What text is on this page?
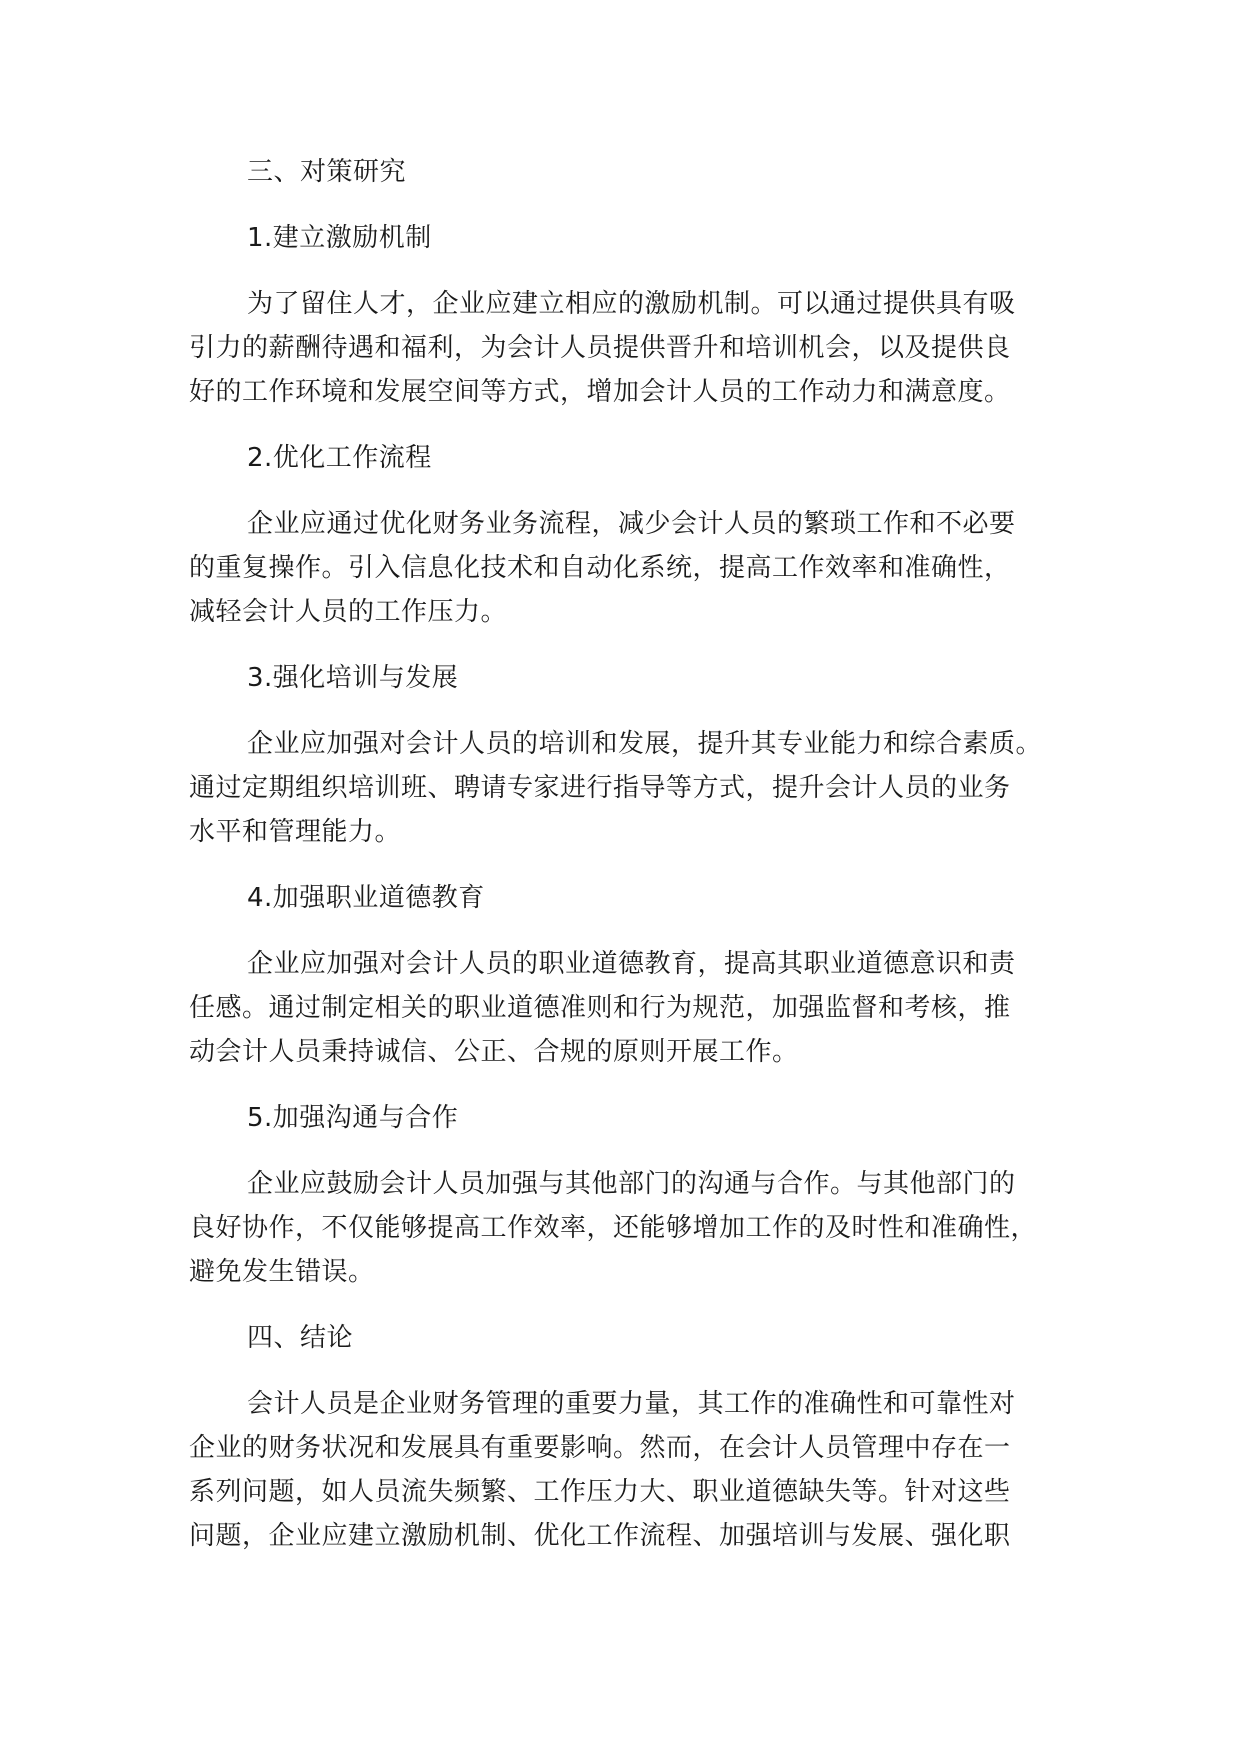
三、对策研究
1.建立激励机制
为了留住人才，企业应建立相应的激励机制。可以通过提供具有吸
引力的薪酬待遇和福利，为会计人员提供晋升和培训机会，以及提供良
好的工作环境和发展空间等方式，增加会计人员的工作动力和满意度。
2.优化工作流程
企业应通过优化财务业务流程，减少会计人员的繁琐工作和不必要
的重复操作。引入信息化技术和自动化系统，提高工作效率和准确性，
减轻会计人员的工作压力。
3.强化培训与发展
企业应加强对会计人员的培训和发展，提升其专业能力和综合素质。
通过定期组织培训班、聘请专家进行指导等方式，提升会计人员的业务
水平和管理能力。
4.加强职业道德教育
企业应加强对会计人员的职业道德教育，提高其职业道德意识和责
任感。通过制定相关的职业道德准则和行为规范，加强监督和考核，推
动会计人员秉持诚信、公正、合规的原则开展工作。
5.加强沟通与合作
企业应鼓励会计人员加强与其他部门的沟通与合作。与其他部门的
良好协作，不仅能够提高工作效率，还能够增加工作的及时性和准确性，
避免发生错误。
四、结论
会计人员是企业财务管理的重要力量，其工作的准确性和可靠性对
企业的财务状况和发展具有重要影响。然而，在会计人员管理中存在一
系列问题，如人员流失频繁、工作压力大、职业道德缺失等。针对这些
问题，企业应建立激励机制、优化工作流程、加强培训与发展、强化职
